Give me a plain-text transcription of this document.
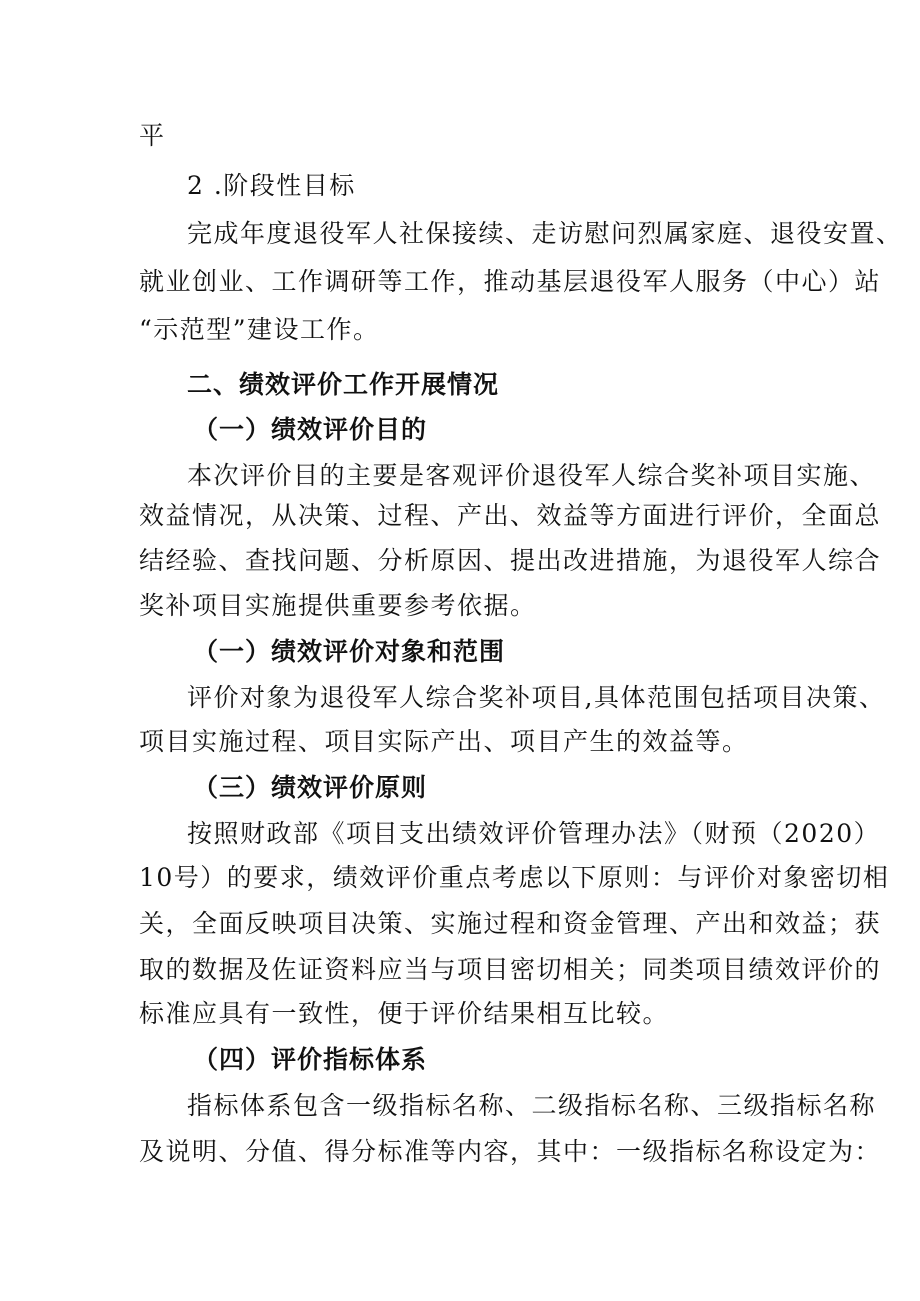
平
2 .阶段性目标
完成年度退役军人社保接续、走访慰问烈属家庭、退役安置、
就业创业、工作调研等工作，推动基层退役军人服务（中心）站
“示范型”建设工作。
二、绩效评价工作开展情况
（一）绩效评价目的
本次评价目的主要是客观评价退役军人综合奖补项目实施、
效益情况，从决策、过程、产出、效益等方面进行评价，全面总
结经验、查找问题、分析原因、提出改进措施，为退役军人综合
奖补项目实施提供重要参考依据。
（一）绩效评价对象和范围
评价对象为退役军人综合奖补项目,具体范围包括项目决策、
项目实施过程、项目实际产出、项目产生的效益等。
（三）绩效评价原则
按照财政部《项目支出绩效评价管理办法》（财预（2020）
10号）的要求，绩效评价重点考虑以下原则：与评价对象密切相
关，全面反映项目决策、实施过程和资金管理、产出和效益；获
取的数据及佐证资料应当与项目密切相关；同类项目绩效评价的
标准应具有一致性，便于评价结果相互比较。
（四）评价指标体系
指标体系包含一级指标名称、二级指标名称、三级指标名称
及说明、分值、得分标准等内容，其中：一级指标名称设定为：
